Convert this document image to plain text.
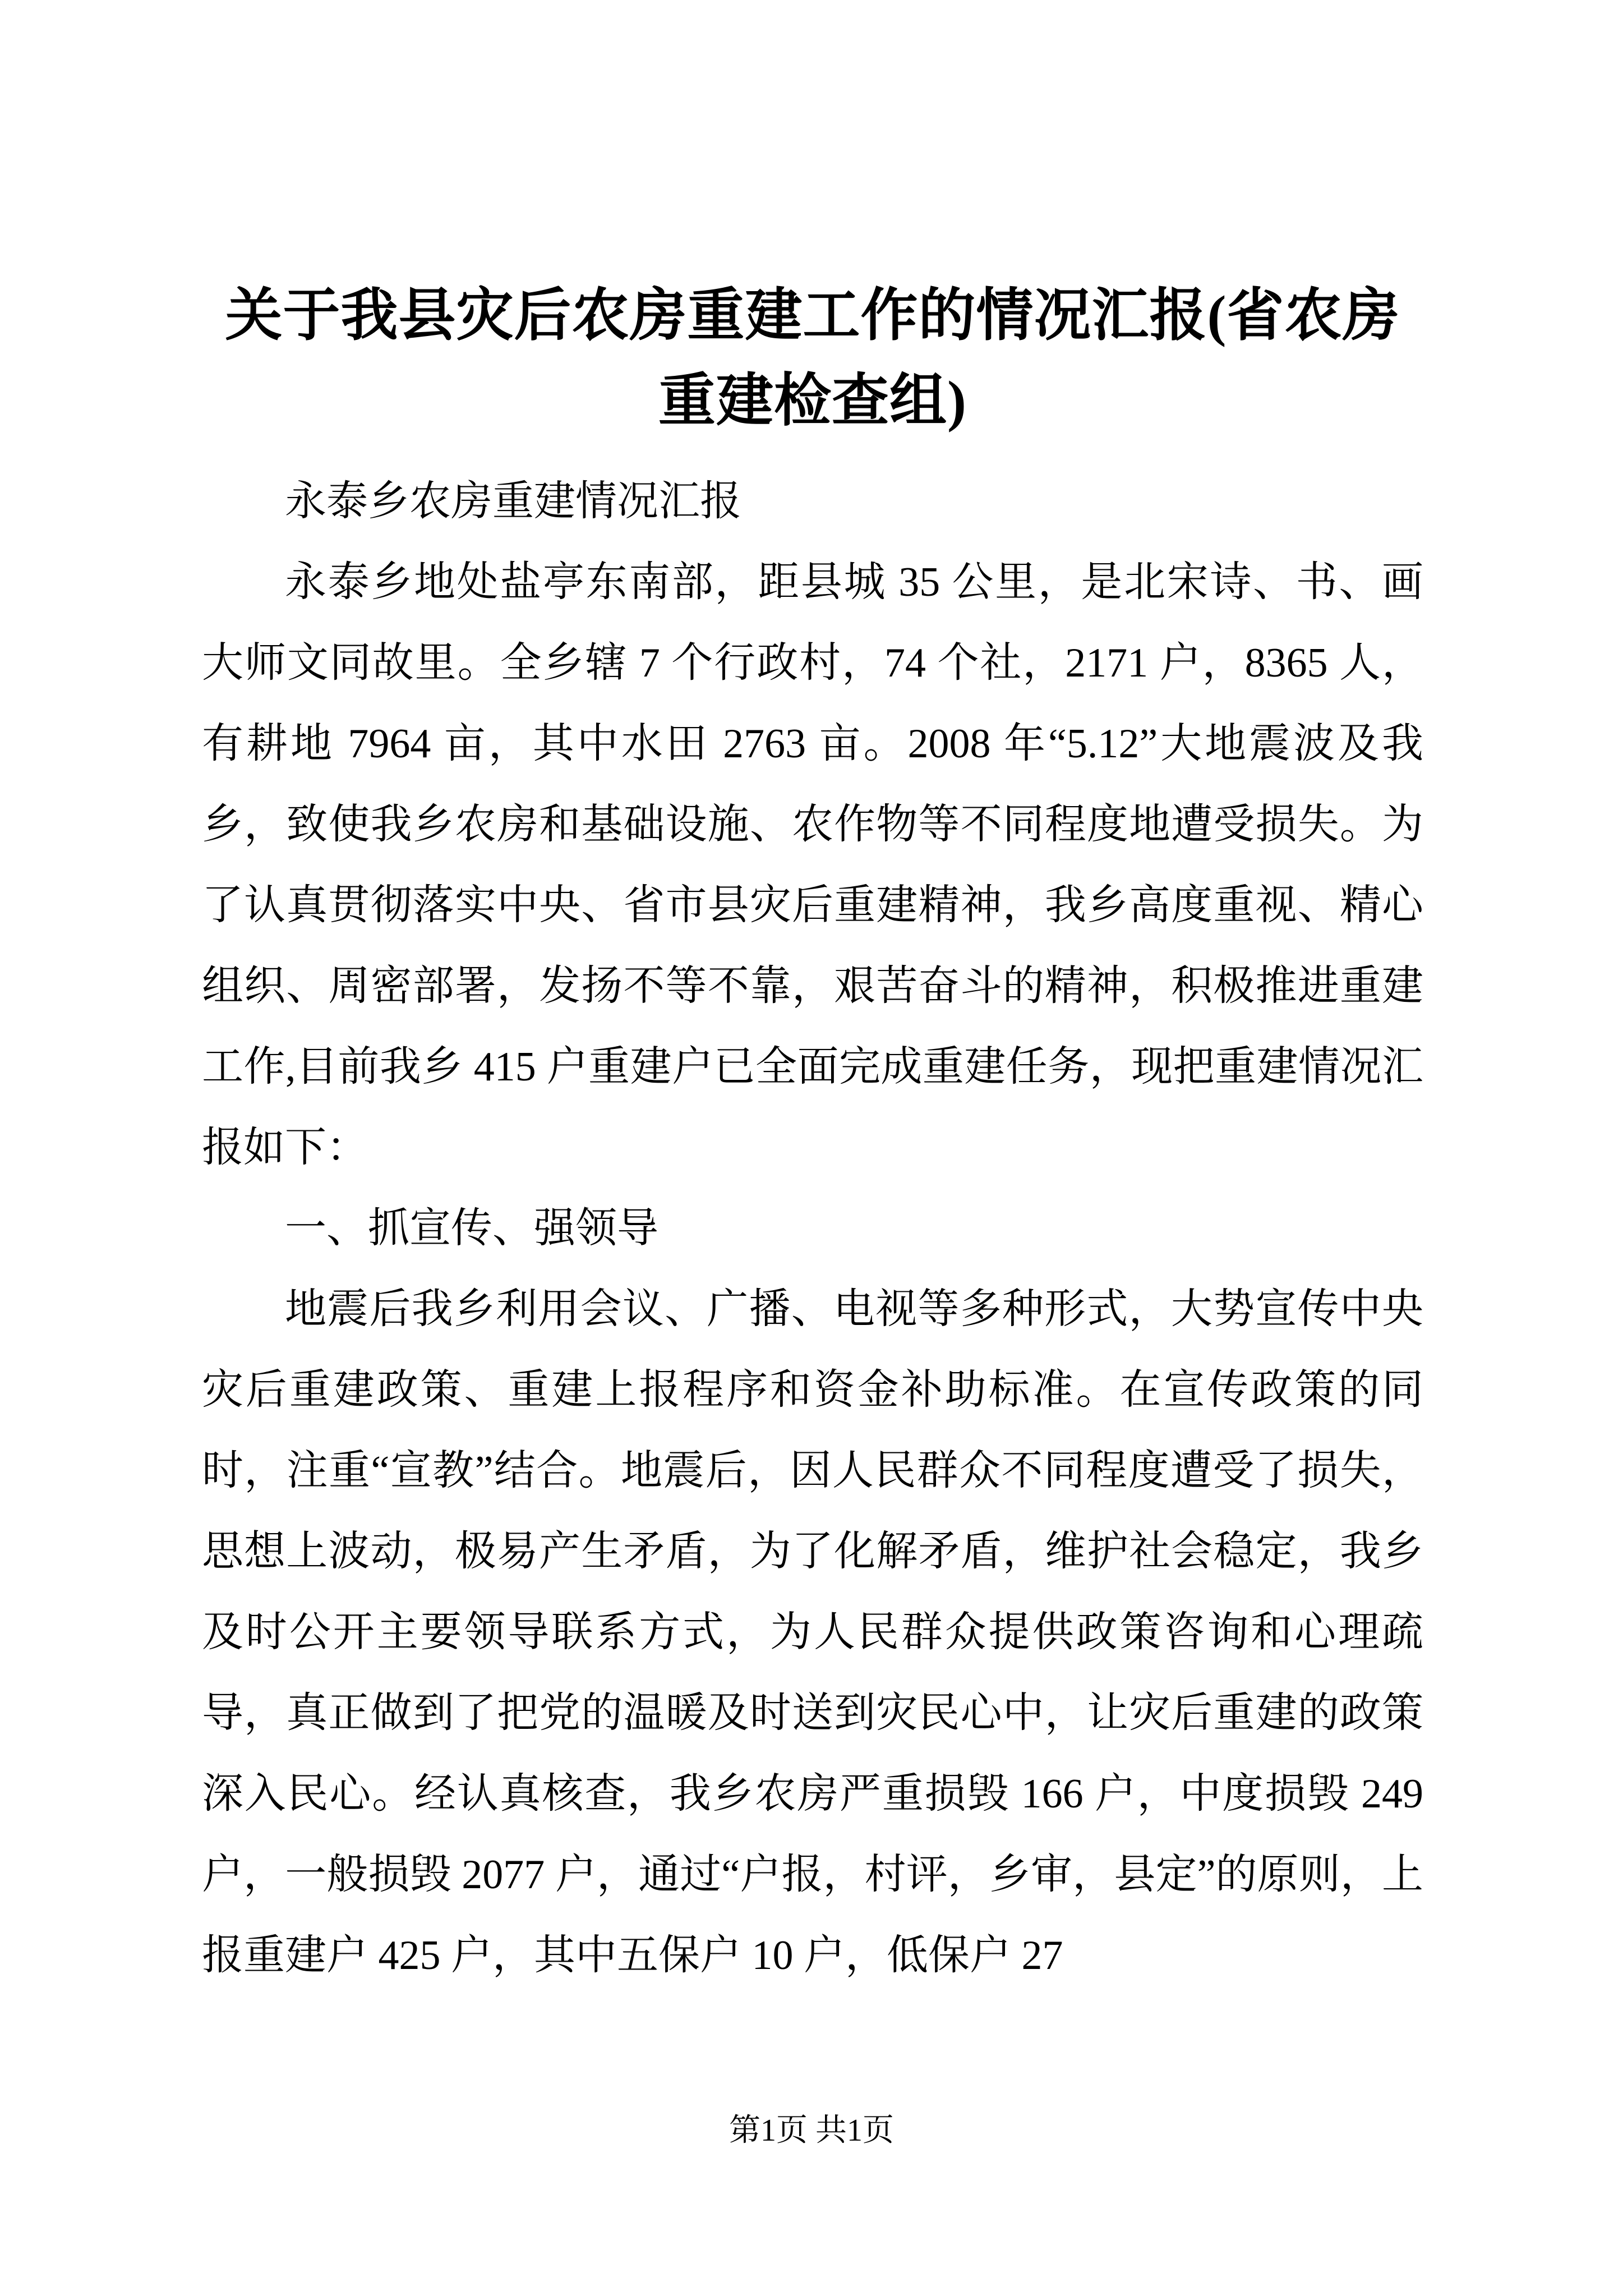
关于我县灾后农房重建工作的情况汇报(省农房重建检查组)

永泰乡农房重建情况汇报

永泰乡地处盐亭东南部，距县城 35 公里，是北宋诗、书、画大师文同故里。全乡辖 7 个行政村，74 个社，2171 户，8365 人，有耕地 7964 亩，其中水田 2763 亩。2008 年“5.12”大地震波及我乡，致使我乡农房和基础设施、农作物等不同程度地遭受损失。为了认真贯彻落实中央、省市县灾后重建精神，我乡高度重视、精心组织、周密部署，发扬不等不靠，艰苦奋斗的精神，积极推进重建工作,目前我乡 415 户重建户已全面完成重建任务，现把重建情况汇报如下：

一、抓宣传、强领导

地震后我乡利用会议、广播、电视等多种形式，大势宣传中央灾后重建政策、重建上报程序和资金补助标准。在宣传政策的同时，注重“宣教”结合。地震后，因人民群众不同程度遭受了损失，思想上波动，极易产生矛盾，为了化解矛盾，维护社会稳定，我乡及时公开主要领导联系方式，为人民群众提供政策咨询和心理疏导，真正做到了把党的温暖及时送到灾民心中，让灾后重建的政策深入民心。经认真核查，我乡农房严重损毁 166 户，中度损毁 249 户，一般损毁 2077 户，通过“户报，村评，乡审，县定”的原则，上报重建户 425 户，其中五保户 10 户，低保户 27

第1页 共1页
